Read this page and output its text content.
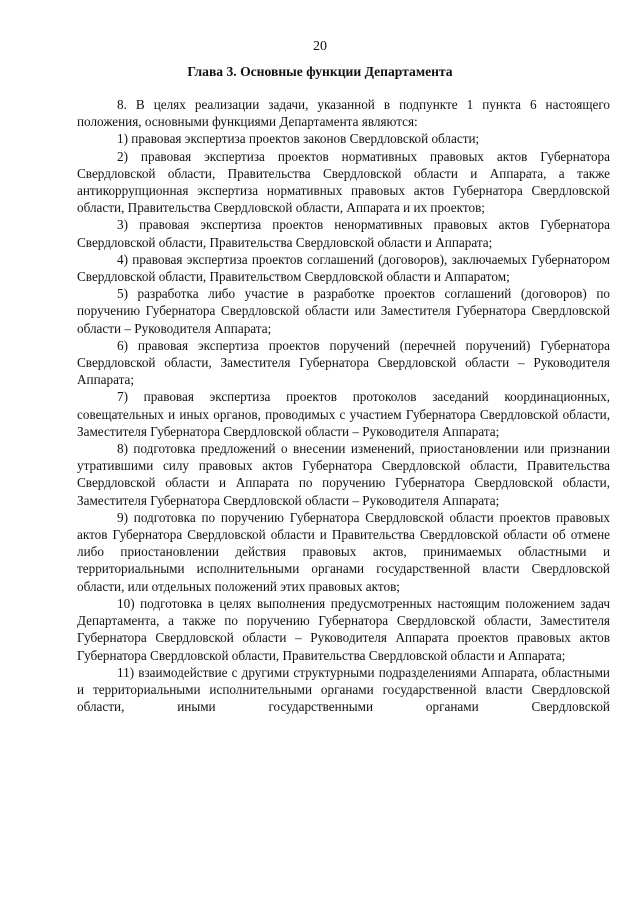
20
Глава 3. Основные функции Департамента

8. В целях реализации задачи, указанной в подпункте 1 пункта 6 настоящего положения, основными функциями Департамента являются:

1) правовая экспертиза проектов законов Свердловской области;

2) правовая экспертиза проектов нормативных правовых актов Губернатора Свердловской области, Правительства Свердловской области и Аппарата, а также антикоррупционная экспертиза нормативных правовых актов Губернатора Свердловской области, Правительства Свердловской области, Аппарата и их проектов;

3) правовая экспертиза проектов ненормативных правовых актов Губернатора Свердловской области, Правительства Свердловской области и Аппарата;

4) правовая экспертиза проектов соглашений (договоров), заключаемых Губернатором Свердловской области, Правительством Свердловской области и Аппаратом;

5) разработка либо участие в разработке проектов соглашений (договоров) по поручению Губернатора Свердловской области или Заместителя Губернатора Свердловской области – Руководителя Аппарата;

6) правовая экспертиза проектов поручений (перечней поручений) Губернатора Свердловской области, Заместителя Губернатора Свердловской области – Руководителя Аппарата;

7) правовая экспертиза проектов протоколов заседаний координационных, совещательных и иных органов, проводимых с участием Губернатора Свердловской области, Заместителя Губернатора Свердловской области – Руководителя Аппарата;

8) подготовка предложений о внесении изменений, приостановлении или признании утратившими силу правовых актов Губернатора Свердловской области, Правительства Свердловской области и Аппарата по поручению Губернатора Свердловской области, Заместителя Губернатора Свердловской области – Руководителя Аппарата;

9) подготовка по поручению Губернатора Свердловской области проектов правовых актов Губернатора Свердловской области и Правительства Свердловской области об отмене либо приостановлении действия правовых актов, принимаемых областными и территориальными исполнительными органами государственной власти Свердловской области, или отдельных положений этих правовых актов;

10) подготовка в целях выполнения предусмотренных настоящим положением задач Департамента, а также по поручению Губернатора Свердловской области, Заместителя Губернатора Свердловской области – Руководителя Аппарата проектов правовых актов Губернатора Свердловской области, Правительства Свердловской области и Аппарата;

11) взаимодействие с другими структурными подразделениями Аппарата, областными и территориальными исполнительными органами государственной власти Свердловской области, иными государственными органами Свердловской
